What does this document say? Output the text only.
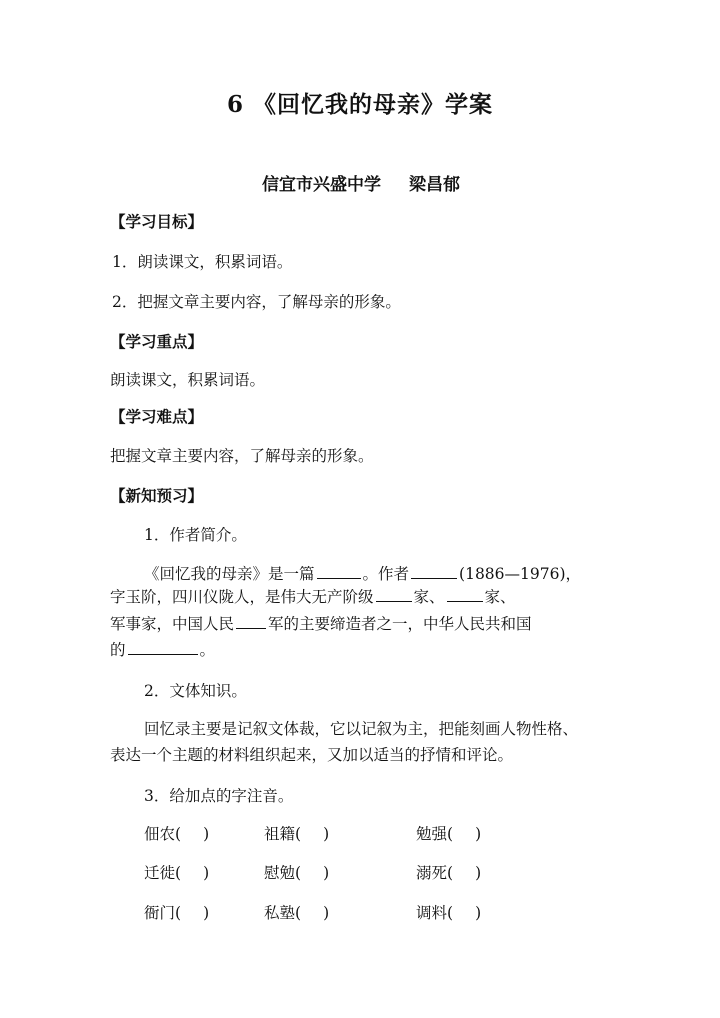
6 《回忆我的母亲》学案
信宜市兴盛中学 梁昌郁
【学习目标】
1．朗读课文，积累词语。
2．把握文章主要内容，了解母亲的形象。
【学习重点】
朗读课文，积累词语。
【学习难点】
把握文章主要内容，了解母亲的形象。
【新知预习】
1．作者简介。
《回忆我的母亲》是一篇	。作者	(1886—1976)，
字玉阶，四川仪陇人，是伟大无产阶级	家、	家、
军事家，中国人民 军的主要缔造者之一，中华人民共和国
的	。
2．文体知识。
回忆录主要是记叙文体裁，它以记叙为主，把能刻画人物性格、
表达一个主题的材料组织起来，又加以适当的抒情和评论。
3．给加点的字注音。
佃农( )	祖籍( )	勉强( )
迁徙( )	慰勉( )	溺死( )
衙门( )	私塾( )	调料( )
